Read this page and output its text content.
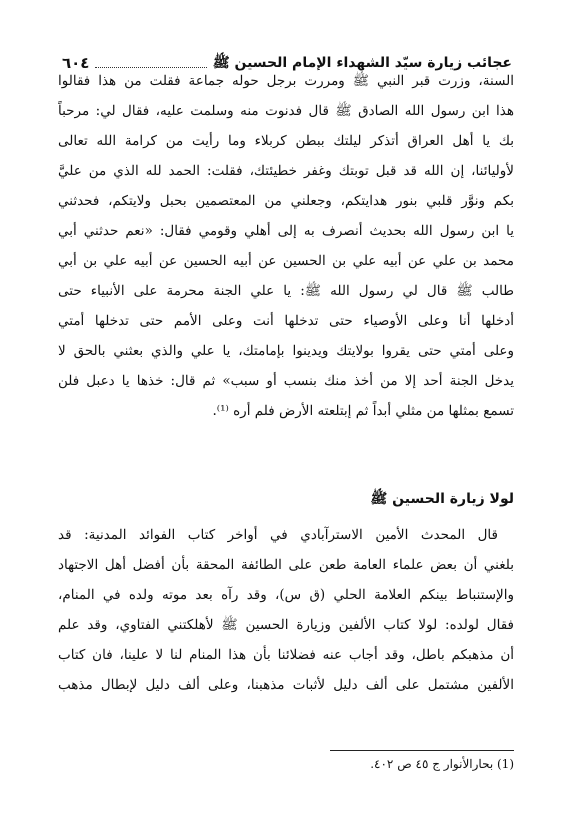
عجائب زيارة سيّد الشهداء الإمام الحسين ﷺ
٦٠٤
السنة، وزرت قبر النبي ﷺ ومررت برجل حوله جماعة فقلت من هذا فقالوا
هذا ابن رسول الله الصادق ﷺ قال فدنوت منه وسلمت عليه، فقال لي: مرحباً
بك يا أهل العراق أتذكر ليلتك ببطن كربلاء وما رأيت من كرامة الله تعالى
لأوليائنا، إن الله قد قبل توبتك وغفر خطيئتك، فقلت: الحمد لله الذي من عليَّ
بكم ونوَّر قلبي بنور هدايتكم، وجعلني من المعتصمين بحبل ولايتكم، فحدثني
يا ابن رسول الله بحديث أنصرف به إلى أهلي وقومي فقال: «نعم حدثني أبي
محمد بن علي عن أبيه علي بن الحسين عن أبيه الحسين عن أبيه علي بن أبي
طالب ﷺ قال لي رسول الله ﷺ: يا علي الجنة محرمة على الأنبياء حتى
أدخلها أنا وعلى الأوصياء حتى تدخلها أنت وعلى الأمم حتى تدخلها أمتي
وعلى أمتي حتى يقروا بولايتك ويدينوا بإمامتك، يا علي والذي بعثني بالحق لا
يدخل الجنة أحد إلا من أخذ منك بنسب أو سبب» ثم قال: خذها يا دعبل فلن
تسمع بمثلها من مثلي أبداً ثم إبتلعته الأرض فلم أره ⁽¹⁾.
لولا زيارة الحسين ﷺ
قال المحدث الأمين الاسترآبادي في أواخر كتاب الفوائد المدنية: قد
بلغني أن بعض علماء العامة طعن على الطائفة المحقة بأن أفضل أهل الاجتهاد
والإستنباط بينكم العلامة الحلي (ق س)، وقد رآه بعد موته ولده في المنام،
فقال لولده: لولا كتاب الألفين وزيارة الحسين ﷺ لأهلكتني الفتاوي، وقد علم
أن مذهبكم باطل، وقد أجاب عنه فضلائنا بأن هذا المنام لنا لا علينا، فان كتاب
الألفين مشتمل على ألف دليل لأثبات مذهبنا، وعلى ألف دليل لإبطال مذهب
(1) بحارالأنوار ج ٤٥ ص ٤٠٢.
